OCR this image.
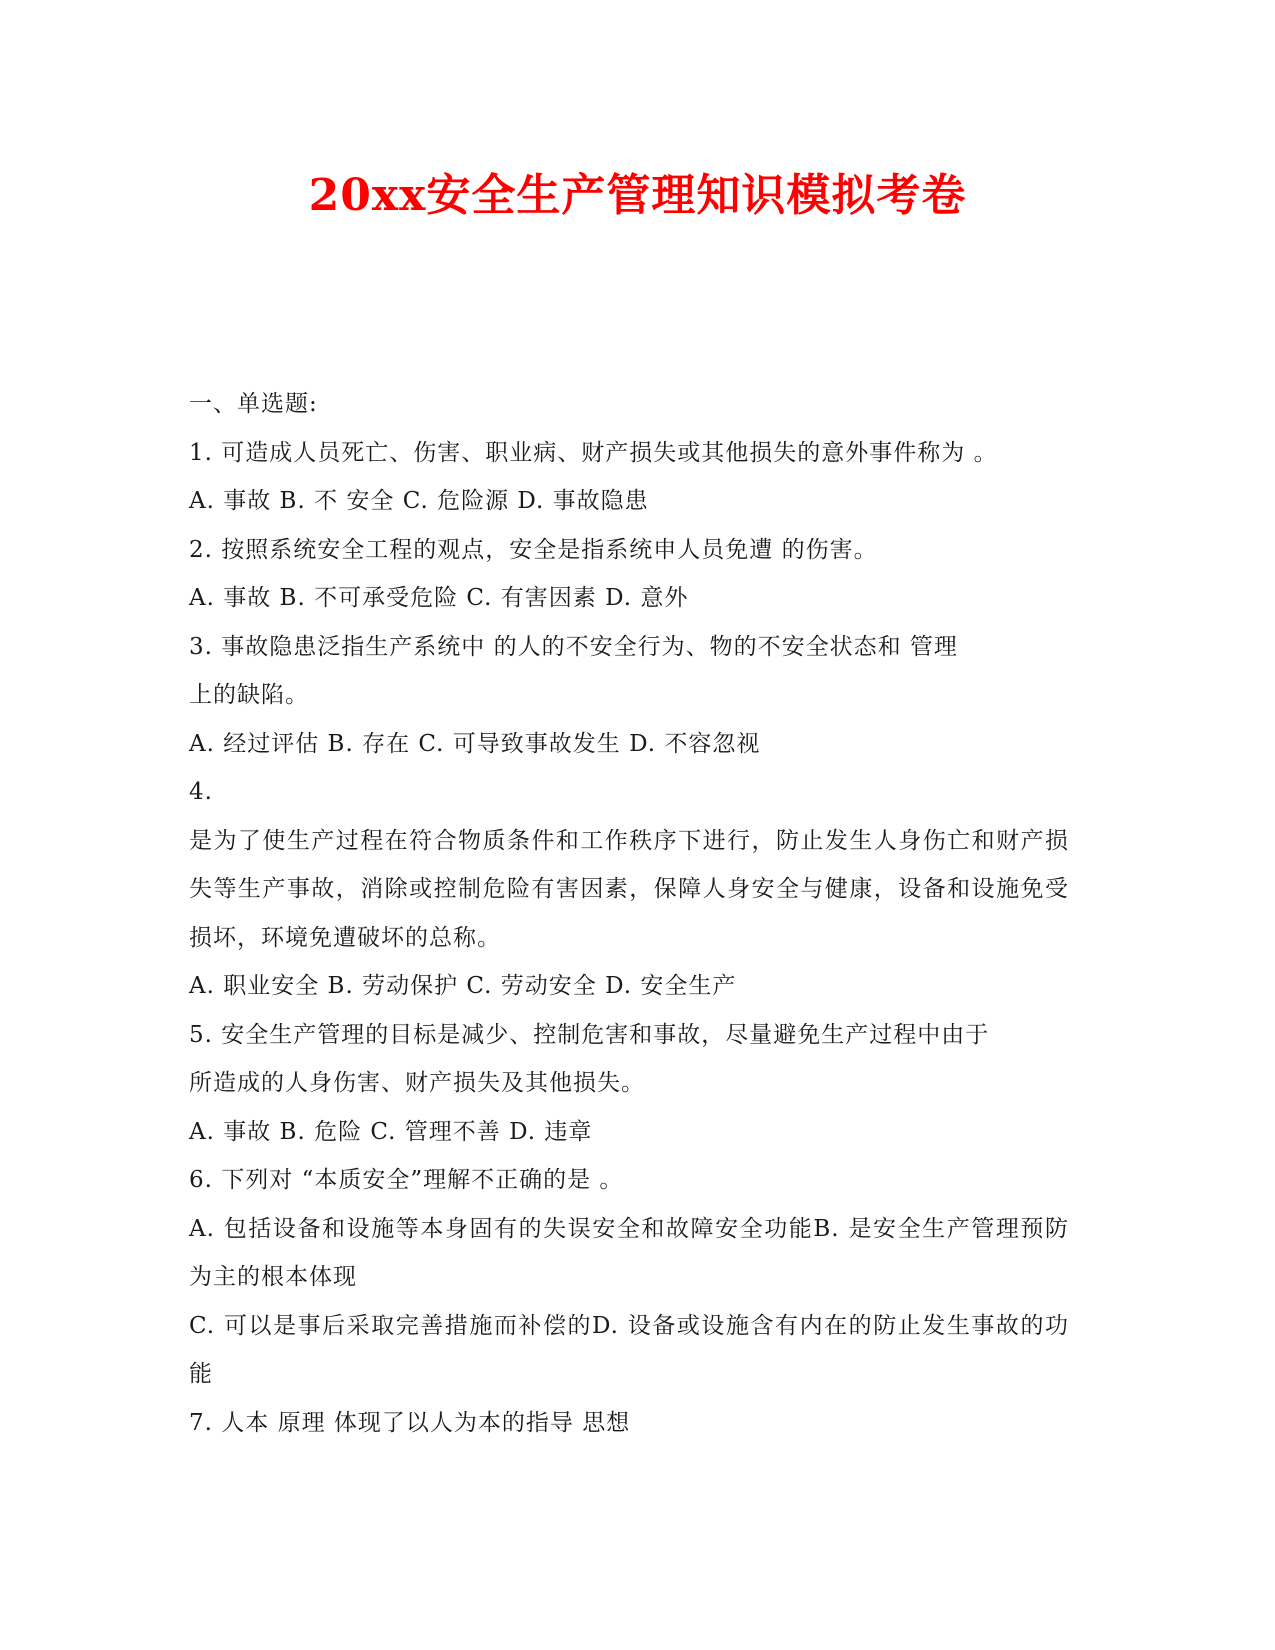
20xx安全生产管理知识模拟考卷
一、单选题:
1. 可造成人员死亡、伤害、职业病、财产损失或其他损失的意外事件称为 。
A. 事故 B. 不 安全 C. 危险源 D. 事故隐患
2. 按照系统安全工程的观点，安全是指系统申人员免遭 的伤害。
A. 事故 B. 不可承受危险 C. 有害因素 D. 意外
3. 事故隐患泛指生产系统中 的人的不安全行为、物的不安全状态和 管理
上的缺陷。
A. 经过评估 B. 存在 C. 可导致事故发生 D. 不容忽视
4.
是为了使生产过程在符合物质条件和工作秩序下进行，防止发生人身伤亡和财产损失等生产事故，消除或控制危险有害因素，保障人身安全与健康，设备和设施免受损坏，环境免遭破坏的总称。
A. 职业安全 B. 劳动保护 C. 劳动安全 D. 安全生产
5. 安全生产管理的目标是减少、控制危害和事故，尽量避免生产过程中由于
所造成的人身伤害、财产损失及其他损失。
A. 事故 B. 危险 C. 管理不善 D. 违章
6. 下列对 “本质安全”理解不正确的是 。
A. 包括设备和设施等本身固有的失误安全和故障安全功能B. 是安全生产管理预防为主的根本体现
C. 可以是事后采取完善措施而补偿的D. 设备或设施含有内在的防止发生事故的功能
7. 人本 原理 体现了以人为本的指导 思想
